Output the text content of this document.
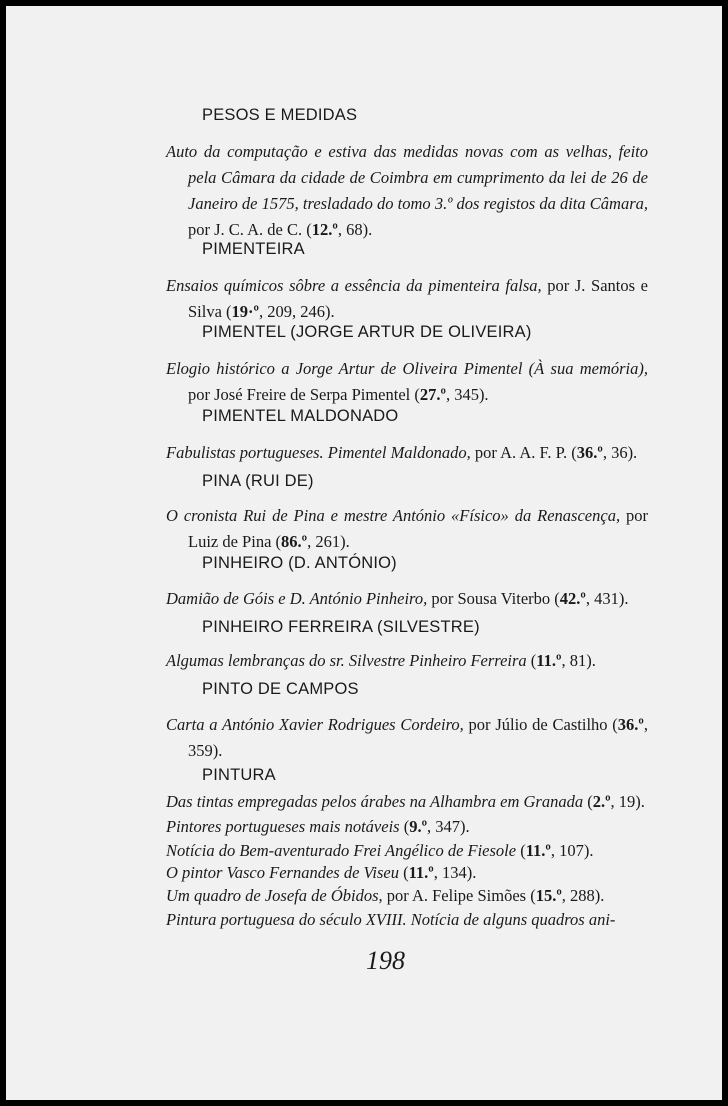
PESOS E MEDIDAS
Auto da computação e estiva das medidas novas com as velhas, feito pela Câmara da cidade de Coimbra em cumprimento da lei de 26 de Janeiro de 1575, tresladado do tomo 3.º dos registos da dita Câmara, por J. C. A. de C. (12.º, 68).
PIMENTEIRA
Ensaios químicos sôbre a essência da pimenteira falsa, por J. Santos e Silva (19·º, 209, 246).
PIMENTEL (JORGE ARTUR DE OLIVEIRA)
Elogio histórico a Jorge Artur de Oliveira Pimentel (À sua memória), por José Freire de Serpa Pimentel (27.º, 345).
PIMENTEL MALDONADO
Fabulistas portugueses. Pimentel Maldonado, por A. A. F. P. (36.º, 36).
PINA (RUI DE)
O cronista Rui de Pina e mestre António «Físico» da Renascença, por Luiz de Pina (86.º, 261).
PINHEIRO (D. ANTÓNIO)
Damião de Góis e D. António Pinheiro, por Sousa Viterbo (42.º, 431).
PINHEIRO FERREIRA (SILVESTRE)
Algumas lembranças do sr. Silvestre Pinheiro Ferreira (11.º, 81).
PINTO DE CAMPOS
Carta a António Xavier Rodrigues Cordeiro, por Júlio de Castilho (36.º, 359).
PINTURA
Das tintas empregadas pelos árabes na Alhambra em Granada (2.º, 19).
Pintores portugueses mais notáveis (9.º, 347).
Notícia do Bem-aventurado Frei Angélico de Fiesole (11.º, 107).
O pintor Vasco Fernandes de Viseu (11.º, 134).
Um quadro de Josefa de Óbidos, por A. Felipe Simões (15.º, 288).
Pintura portuguesa do século XVIII. Notícia de alguns quadros ani-
198
